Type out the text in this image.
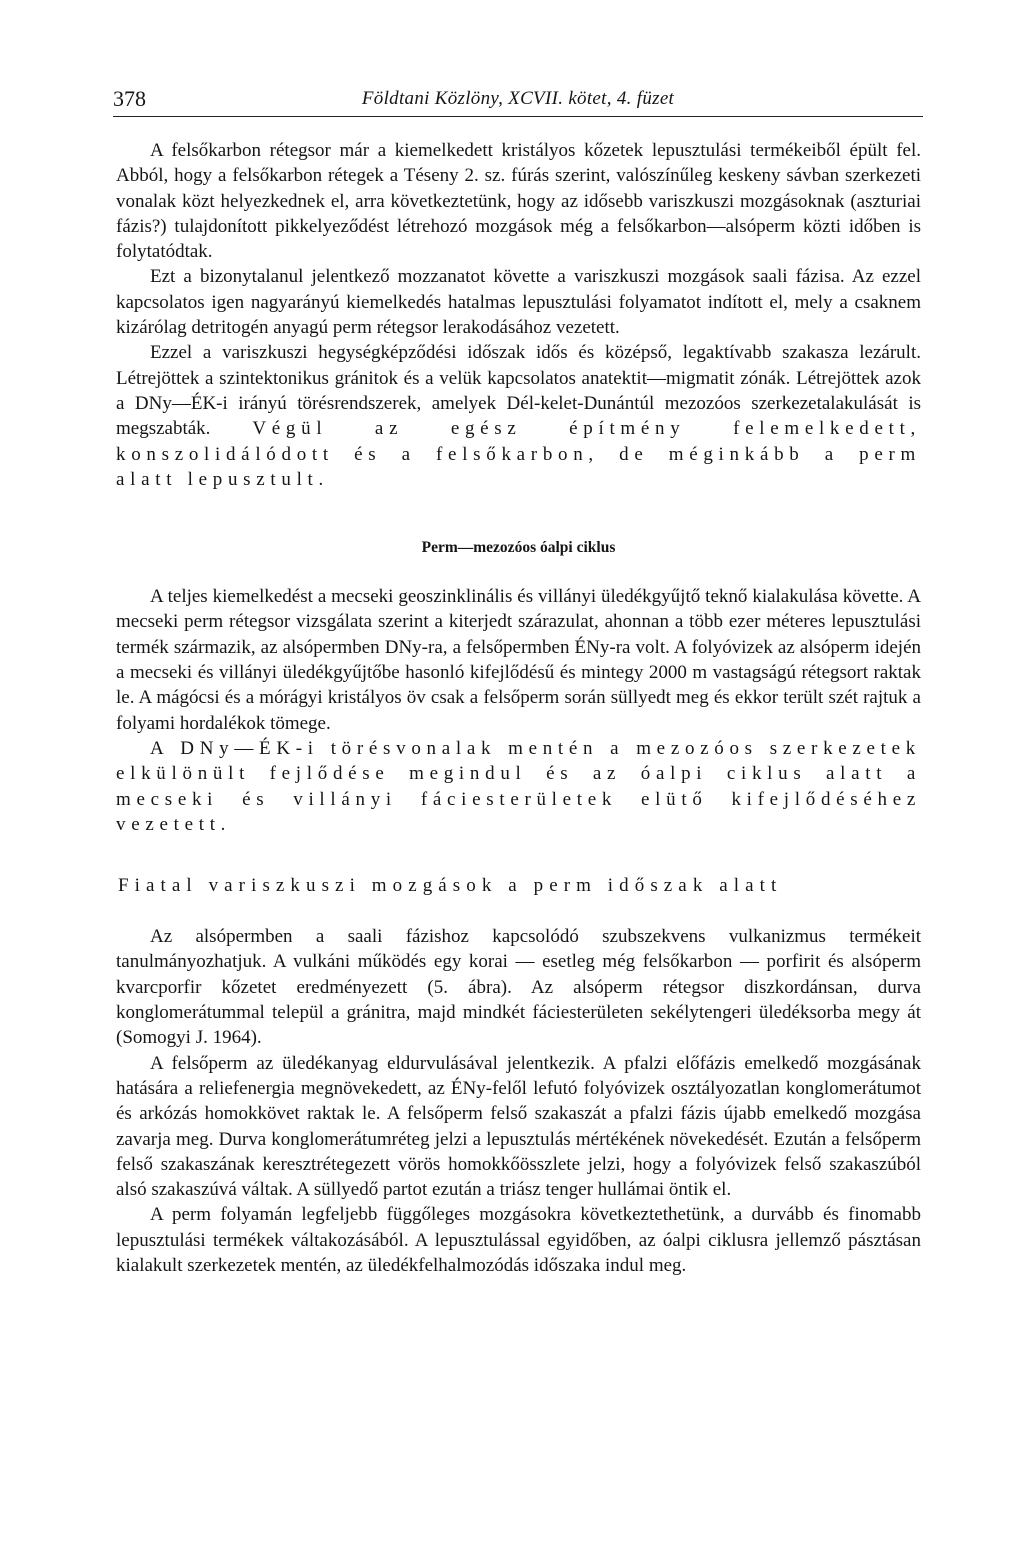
378	Földtani Közlöny, XCVII. kötet, 4. füzet

A felsőkarbon rétegsor már a kiemelkedett kristályos kőzetek lepusztulási termékeiből épült fel. Abból, hogy a felsőkarbon rétegek a Téseny 2. sz. fúrás szerint, valószínűleg keskeny sávban szerkezeti vonalak közt helyezkednek el, arra következtetünk, hogy az idősebb variszkuszi mozgásoknak (aszturiai fázis?) tulajdonított pikkelyeződést létrehozó mozgások még a felsőkarbon—alsóperm közti időben is folytatódtak.

Ezt a bizonytalanul jelentkező mozzanatot követte a variszkuszi mozgások saali fázisa. Az ezzel kapcsolatos igen nagyarányú kiemelkedés hatalmas lepusztulási folyamatot indított el, mely a csaknem kizárólag detritogén anyagú perm rétegsor lerakodásához vezetett.

Ezzel a variszkuszi hegységképződési időszak idős és középső, legaktívabb szakasza lezárult. Létrejöttek a szintektonikus gránitok és a velük kapcsolatos anatektit—migmatit zónák. Létrejöttek azok a DNy—ÉK-i irányú törésrendszerek, amelyek Dél-kelet-Dunántúl mezozóos szerkezetalakulását is megszabták. Végül az egész építmény felemelkedett, konszolidálódott és a felsőkarbon, de méginkább a perm alatt lepusztult.

Perm—mezozóos óalpi ciklus

A teljes kiemelkedést a mecseki geoszinklinális és villányi üledékgyűjtő teknő kialakulása követte. A mecseki perm rétegsor vizsgálata szerint a kiterjedt szárazulat, ahonnan a több ezer méteres lepusztulási termék származik, az alsópermben DNy-ra, a felsőpermben ÉNy-ra volt. A folyóvizek az alsóperm idején a mecseki és villányi üledékgyűjtőbe hasonló kifejlődésű és mintegy 2000 m vastagságú rétegsort raktak le. A mágócsi és a mórágyi kristályos öv csak a felsőperm során süllyedt meg és ekkor terült szét rajtuk a folyami hordalékok tömege.

A DNy—ÉK-i törésvonalak mentén a mezozóos szerkezetek elkülönült fejlődése megindul és az óalpi ciklus alatt a mecseki és villányi fáciesterületek elütő kifejlődéséhez vezetett.

Fiatal variszkuszi mozgások a perm időszak alatt

Az alsópermben a saali fázishoz kapcsolódó szubszekvens vulkanizmus termékeit tanulmányozhatjuk. A vulkáni működés egy korai — esetleg még felsőkarbon — porfirit és alsóperm kvarcporfir kőzetet eredményezett (5. ábra). Az alsóperm rétegsor diszkordánsan, durva konglomerátummal települ a gránitra, majd mindkét fáciesterületen sekélytengeri üledéksorba megy át (Somogyi J. 1964).

A felsőperm az üledékanyag eldurvulásával jelentkezik. A pfalzi előfázis emelkedő mozgásának hatására a reliefenergia megnövekedett, az ÉNy-felől lefutó folyóvizek osztályozatlan konglomerátumot és arkózás homokkövet raktak le. A felsőperm felső szakaszát a pfalzi fázis újabb emelkedő mozgása zavarja meg. Durva konglomerátumréteg jelzi a lepusztulás mértékének növekedését. Ezután a felsőperm felső szakaszának keresztrétegezett vörös homokkőösszlete jelzi, hogy a folyóvizek felső szakaszúból alsó szakaszúvá váltak. A süllyedő partot ezután a triász tenger hullámai öntik el.

A perm folyamán legfeljebb függőleges mozgásokra következtethetünk, a durvább és finomabb lepusztulási termékek váltakozásából. A lepusztulással egyidőben, az óalpi ciklusra jellemző pásztásan kialakult szerkezetek mentén, az üledékfelhalmozódás időszaka indul meg.
